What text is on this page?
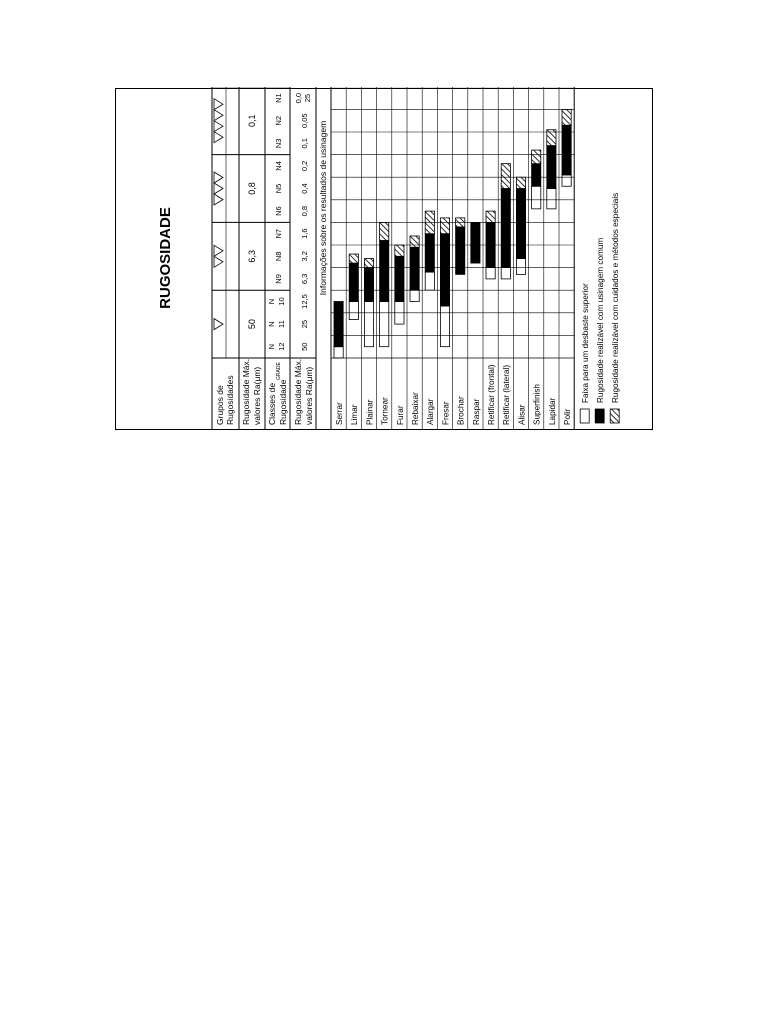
RUGOSIDADE
Grupos de Rugosidades Rugosidade Máx. valores Ra(μm) Classes de Rugosidade
GRADE Rugosidade Máx. valores Ra(μm)
Informações sobre os resultados de usinagem
50
6,3
0,8
0,1
N 12
N 11
N 10
N9
N8
N7
N6
N5
N4
N3
N2
N1
50
25
12,5
6,3
3,2
1,6
0,8
0,4
0,2
0,1
0,05
0,0 25
Serrar Limar Plainar Tornear Furar Rebaixar Alargar Fresar Brochar Raspar Retificar (frontal) Retificar (lateral) Alisar Superfinish Lapidar Polir
Faixa para um desbaste superior Rugosidade realizável com usinagem comum Rugosidade realizável com cuidados e métodos especiais
